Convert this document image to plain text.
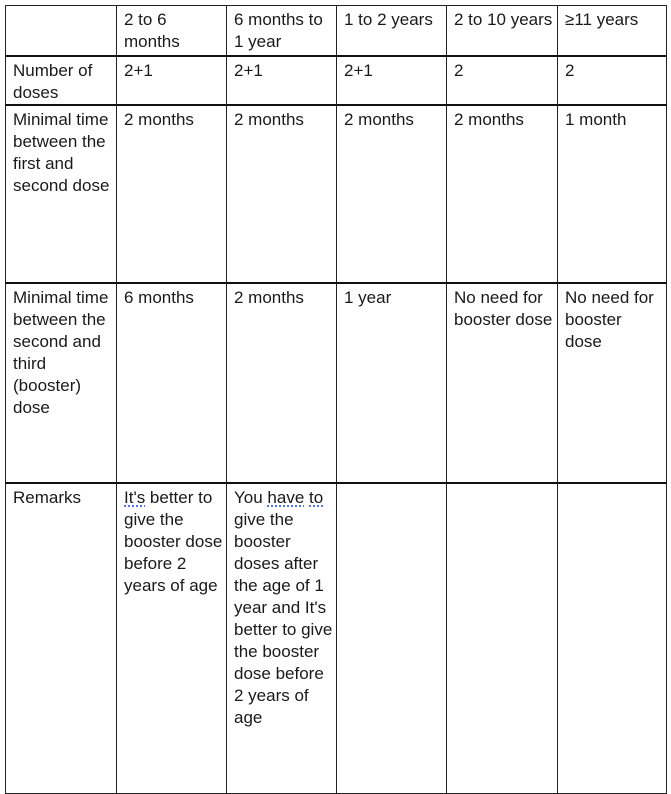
	2 to 6 months	6 months to 1 year	1 to 2 years	2 to 10 years	≥11 years
Number of doses	2+1	2+1	2+1	2	2
Minimal time between the first and second dose	2 months	2 months	2 months	2 months	1 month
Minimal time between the second and third (booster) dose	6 months	2 months	1 year	No need for booster dose	No need for booster dose
Remarks	It's better to give the booster dose before 2 years of age	You have to give the booster doses after the age of 1 year and It's better to give the booster dose before 2 years of age			
